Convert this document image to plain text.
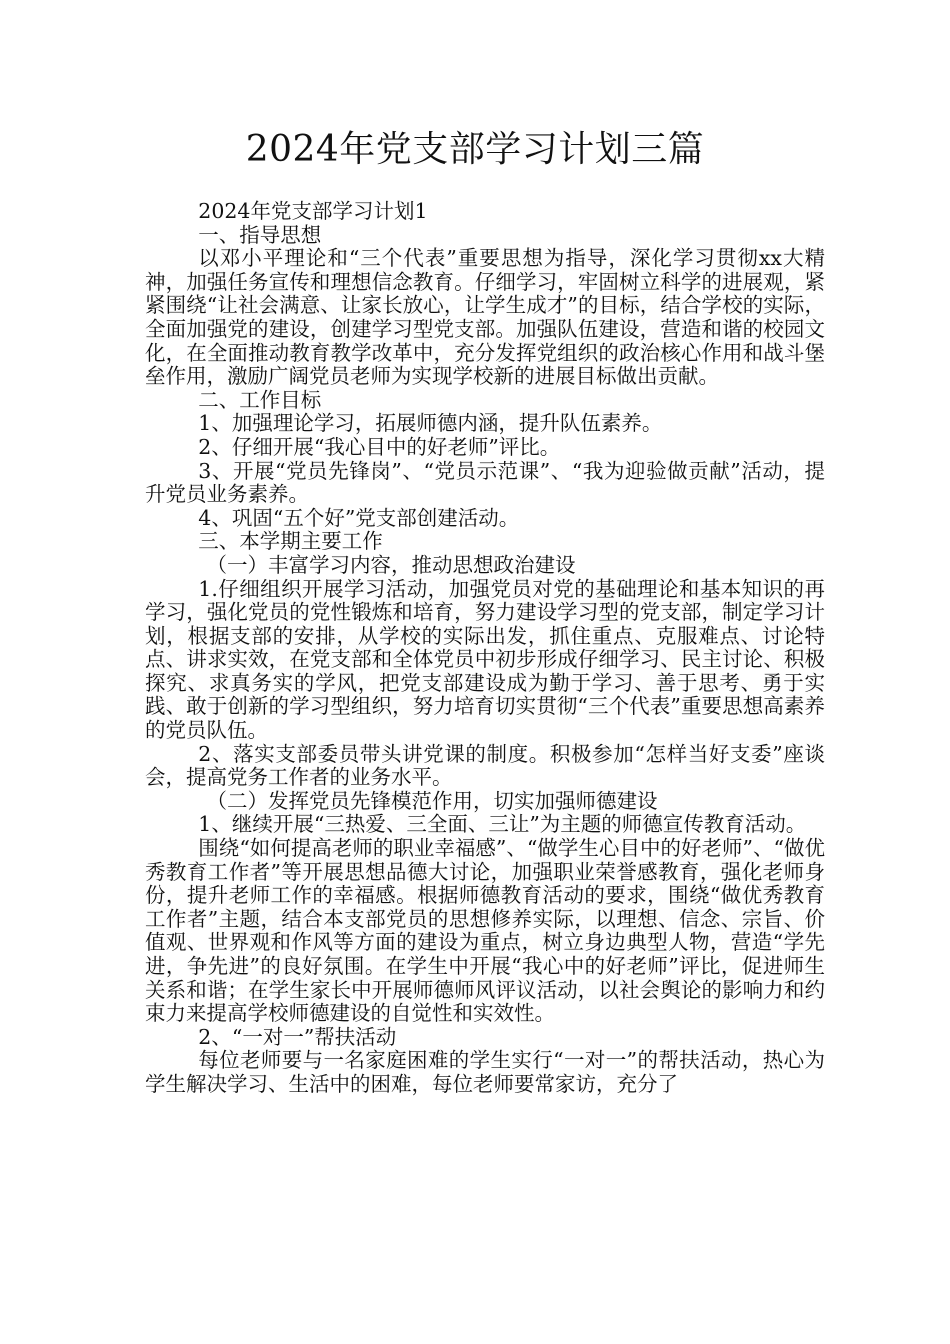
2024年党支部学习计划三篇

2024年党支部学习计划1

一、指导思想

以邓小平理论和“三个代表”重要思想为指导，深化学习贯彻xx大精神，加强任务宣传和理想信念教育。仔细学习，牢固树立科学的进展观，紧紧围绕“让社会满意、让家长放心，让学生成才”的目标，结合学校的实际，全面加强党的建设，创建学习型党支部。加强队伍建设，营造和谐的校园文化，在全面推动教育教学改革中，充分发挥党组织的政治核心作用和战斗堡垒作用，激励广阔党员老师为实现学校新的进展目标做出贡献。

二、工作目标

1、加强理论学习，拓展师德内涵，提升队伍素养。

2、仔细开展“我心目中的好老师”评比。

3、开展“党员先锋岗”、“党员示范课”、“我为迎验做贡献”活动，提升党员业务素养。

4、巩固“五个好”党支部创建活动。

三、本学期主要工作

（一）丰富学习内容，推动思想政治建设

1.仔细组织开展学习活动，加强党员对党的基础理论和基本知识的再学习，强化党员的党性锻炼和培育，努力建设学习型的党支部，制定学习计划，根据支部的安排，从学校的实际出发，抓住重点、克服难点、讨论特点、讲求实效，在党支部和全体党员中初步形成仔细学习、民主讨论、积极探究、求真务实的学风，把党支部建设成为勤于学习、善于思考、勇于实践、敢于创新的学习型组织，努力培育切实贯彻“三个代表”重要思想高素养的党员队伍。

2、落实支部委员带头讲党课的制度。积极参加“怎样当好支委”座谈会，提高党务工作者的业务水平。

（二）发挥党员先锋模范作用，切实加强师德建设

1、继续开展“三热爱、三全面、三让”为主题的师德宣传教育活动。

围绕“如何提高老师的职业幸福感”、“做学生心目中的好老师”、“做优秀教育工作者”等开展思想品德大讨论，加强职业荣誉感教育，强化老师身份，提升老师工作的幸福感。根据师德教育活动的要求，围绕“做优秀教育工作者”主题，结合本支部党员的思想修养实际，以理想、信念、宗旨、价值观、世界观和作风等方面的建设为重点，树立身边典型人物，营造“学先进，争先进”的良好氛围。在学生中开展“我心中的好老师”评比，促进师生关系和谐；在学生家长中开展师德师风评议活动，以社会舆论的影响力和约束力来提高学校师德建设的自觉性和实效性。

2、“一对一”帮扶活动

每位老师要与一名家庭困难的学生实行“一对一”的帮扶活动，热心为学生解决学习、生活中的困难，每位老师要常家访，充分了
